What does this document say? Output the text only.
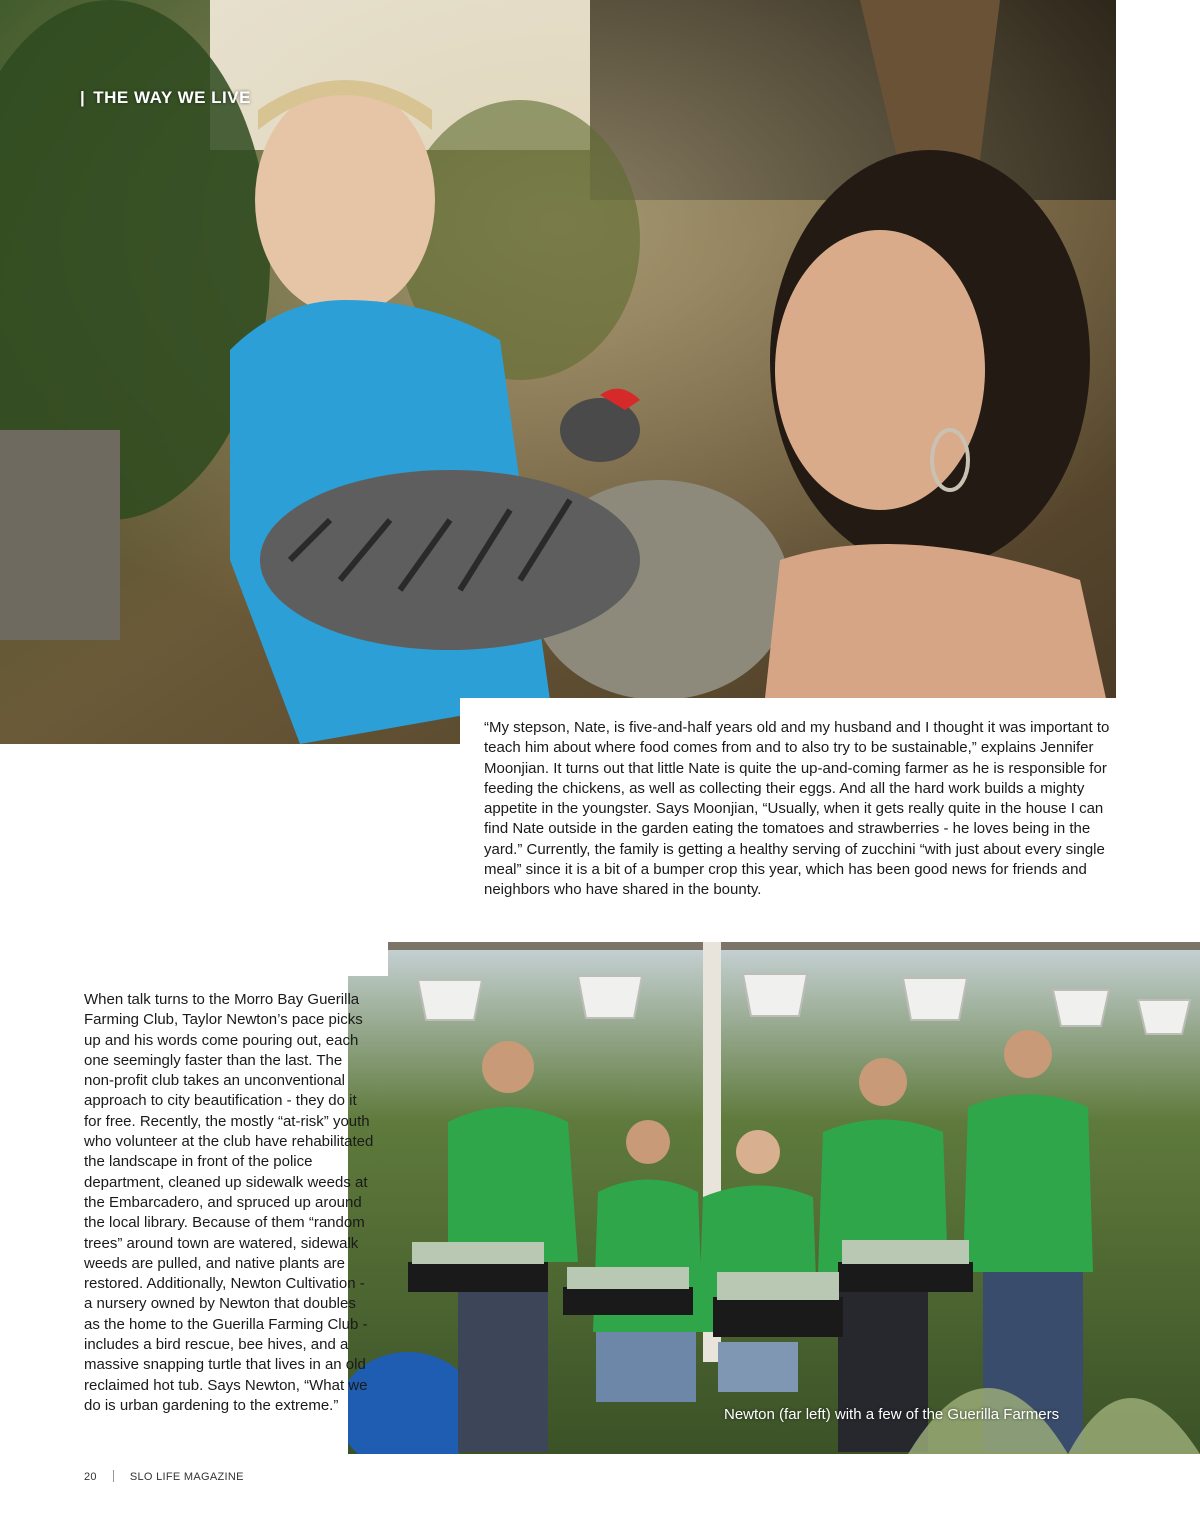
| THE WAY WE LIVE

“My stepson, Nate, is five-and-half years old and my husband and I thought it was important to teach him about where food comes from and to also try to be sustainable,” explains Jennifer Moonjian. It turns out that little Nate is quite the up-and-coming farmer as he is responsible for feeding the chickens, as well as collecting their eggs. And all the hard work builds a mighty appetite in the youngster. Says Moonjian, “Usually, when it gets really quite in the house I can find Nate outside in the garden eating the tomatoes and strawberries - he loves being in the yard.” Currently, the family is getting a healthy serving of zucchini “with just about every single meal” since it is a bit of a bumper crop this year, which has been good news for friends and neighbors who have shared in the bounty.

Newton (far left) with a few of the Guerilla Farmers

When talk turns to the Morro Bay Guerilla Farming Club, Taylor Newton’s pace picks up and his words come pouring out, each one seemingly faster than the last. The non-profit club takes an unconventional approach to city beautification - they do it for free. Recently, the mostly “at-risk” youth who volunteer at the club have rehabilitated the landscape in front of the police department, cleaned up sidewalk weeds at the Embarcadero, and spruced up around the local library. Because of them “random trees” around town are watered, sidewalk weeds are pulled, and native plants are restored. Additionally, Newton Cultivation - a nursery owned by Newton that doubles as the home to the Guerilla Farming Club - includes a bird rescue, bee hives, and a massive snapping turtle that lives in an old reclaimed hot tub. Says Newton, “What we do is urban gardening to the extreme.”

20	SLO LIFE MAGAZINE
